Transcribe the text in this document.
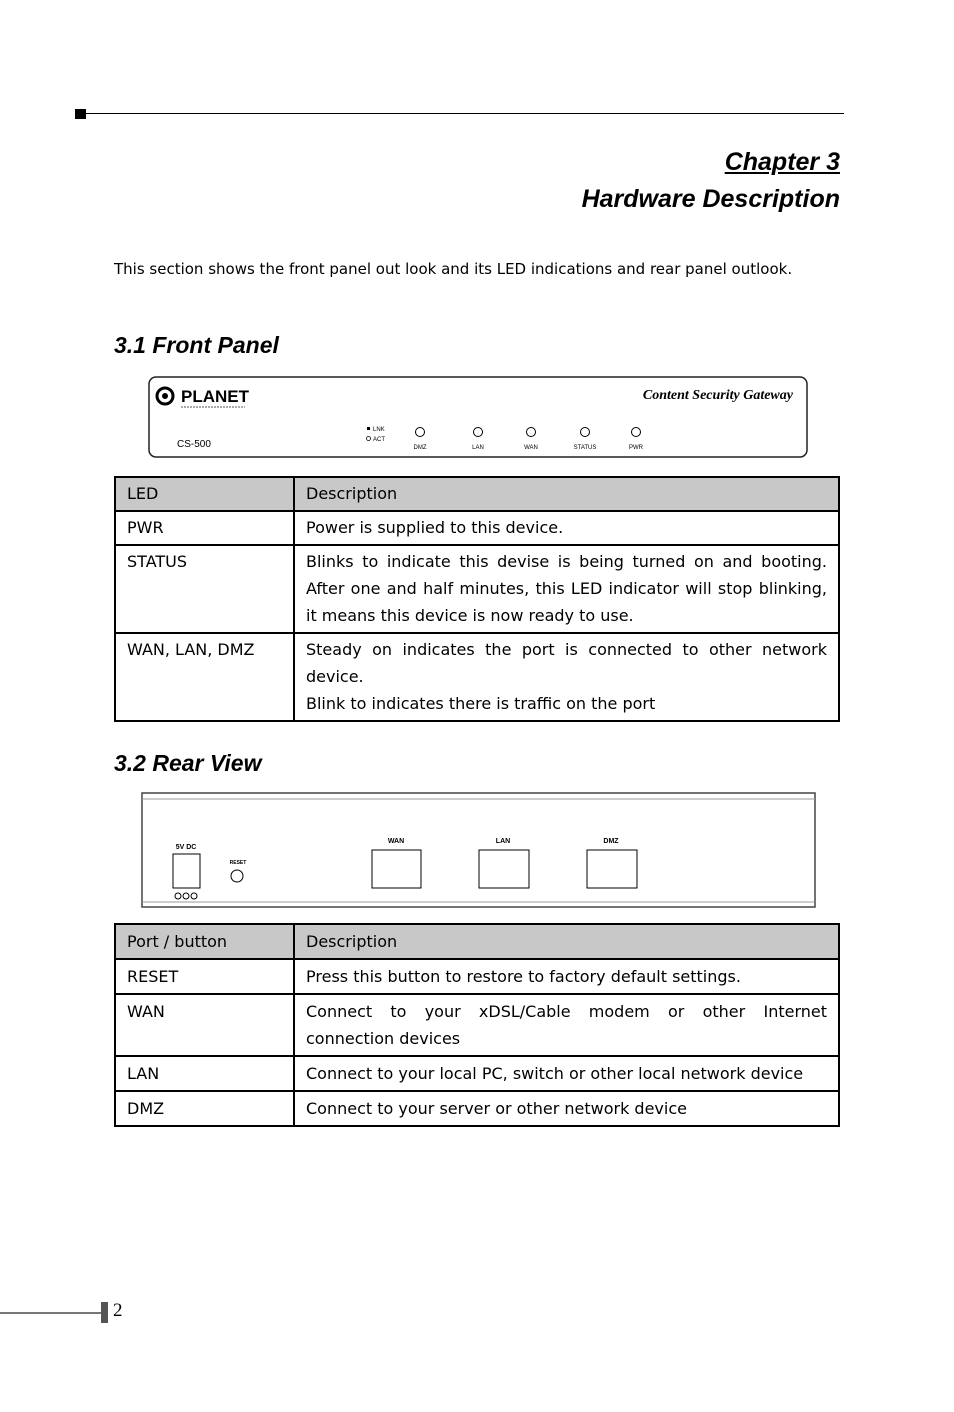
Chapter 3
Hardware Description

This section shows the front panel out look and its LED indications and rear panel outlook.

3.1 Front Panel
PLANET	Content Security Gateway
CS-500
LNK
ACT
DMZ	LAN	WAN	STATUS	PWR
LED	Description
PWR	Power is supplied to this device.
STATUS	Blinks to indicate this devise is being turned on and booting. After one and half minutes, this LED indicator will stop blinking, it means this device is now ready to use.
WAN, LAN, DMZ	Steady on indicates the port is connected to other network device.
Blink to indicates there is traffic on the port
3.2 Rear View
5V DC
RESET
WAN	LAN	DMZ
Port / button	Description
RESET	Press this button to restore to factory default settings.
WAN	Connect to your xDSL/Cable modem or other Internet connection devices
LAN	Connect to your local PC, switch or other local network device
DMZ	Connect to your server or other network device
2
